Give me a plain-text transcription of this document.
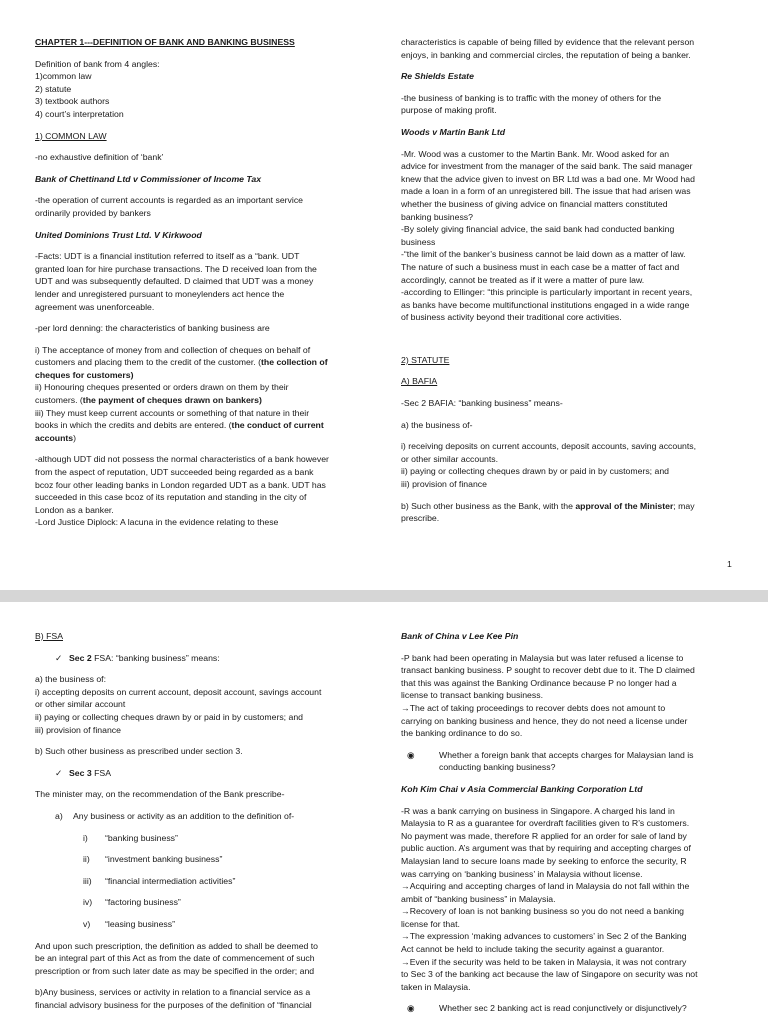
CHAPTER 1---DEFINITION OF BANK AND BANKING BUSINESS

Definition of bank from 4 angles:

1)common law

2) statute

3) textbook authors

4) court’s interpretation

1) COMMON LAW

-no exhaustive definition of ‘bank’

Bank of Chettinand Ltd v Commissioner of Income Tax

-the operation of current accounts is regarded as an important service

ordinarily provided by bankers

United Dominions Trust Ltd. V Kirkwood

-Facts: UDT is a financial institution referred to itself as a “bank. UDT

granted loan for hire purchase transactions. The D received loan from the

UDT and was subsequently defaulted. D claimed that UDT was a money

lender and unregistered pursuant to moneylenders act hence the

agreement was unenforceable.

-per lord denning: the characteristics of banking business are

i) The acceptance of money from and collection of cheques on behalf of

customers and placing them to the credit of the customer. (the collection of

cheques for customers)

ii) Honouring cheques presented or orders drawn on them by their

customers. (the payment of cheques drawn on bankers)

iii) They must keep current accounts or something of that nature in their

books in which the credits and debits are entered. (the conduct of current

accounts)

-although UDT did not possess the normal characteristics of a bank however

from the aspect of reputation, UDT succeeded being regarded as a bank

bcoz four other leading banks in London regarded UDT as a bank. UDT has

succeeded in this case bcoz of its reputation and standing in the city of

London as a banker.

-Lord Justice Diplock: A lacuna in the evidence relating to these

characteristics is capable of being filled by evidence that the relevant person

enjoys, in banking and commercial circles, the reputation of being a banker.

Re Shields Estate

-the business of banking is to traffic with the money of others for the

purpose of making profit.

Woods v Martin Bank Ltd

-Mr. Wood was a customer to the Martin Bank. Mr. Wood asked for an

advice for investment from the manager of the said bank. The said manager

knew that the advice given to invest on BR Ltd was a bad one. Mr Wood had

made a loan in a form of an unregistered bill. The issue that had arisen was

whether the business of giving advice on financial matters constituted

banking business?

-By solely giving financial advice, the said bank had conducted banking

business

-“the limit of the banker’s business cannot be laid down as a matter of law.

The nature of such a business must in each case be a matter of fact and

accordingly, cannot be treated as if it were a matter of pure law.

-according to Ellinger: “this principle is particularly important in recent years,

as banks have become multifunctional institutions engaged in a wide range

of business activity beyond their traditional core activities.

2) STATUTE

A) BAFIA

-Sec 2 BAFIA: “banking business” means-

a) the business of-

i) receiving deposits on current accounts, deposit accounts, saving accounts,

or other similar accounts.

ii) paying or collecting cheques drawn by or paid in by customers; and

iii) provision of finance

b) Such other business as the Bank, with the approval of the Minister; may

prescribe.

1

B) FSA

✓ Sec 2 FSA: “banking business” means:

a) the business of:

i) accepting deposits on current account, deposit account, savings account

or other similar account

ii) paying or collecting cheques drawn by or paid in by customers; and

iii) provision of finance

b) Such other business as prescribed under section 3.

✓ Sec 3 FSA

The minister may, on the recommendation of the Bank prescribe-

a) Any business or activity as an addition to the definition of-

i) “banking business”

ii) “investment banking business”

iii) “financial intermediation activities”

iv) “factoring business”

v) “leasing business”

And upon such prescription, the definition as added to shall be deemed to

be an integral part of this Act as from the date of commencement of such

prescription or from such later date as may be specified in the order; and

b)Any business, services or activity in relation to a financial service as a

financial advisory business for the purposes of the definition of “financial

Bank of China v Lee Kee Pin

-P bank had been operating in Malaysia but was later refused a license to

transact banking business. P sought to recover debt due to it. The D claimed

that this was against the Banking Ordinance because P no longer had a

license to transact banking business.

→The act of taking proceedings to recover debts does not amount to

carrying on banking business and hence, they do not need a license under

the banking ordinance to do so.

◉	Whether a foreign bank that accepts charges for Malaysian land is

conducting banking business?

Koh Kim Chai v Asia Commercial Banking Corporation Ltd

-R was a bank carrying on business in Singapore. A charged his land in

Malaysia to R as a guarantee for overdraft facilities given to R’s customers.

No payment was made, therefore R applied for an order for sale of land by

public auction. A’s argument was that by requiring and accepting charges of

Malaysian land to secure loans made by seeking to enforce the security, R

was carrying on ‘banking business’ in Malaysia without license.

→Acquiring and accepting charges of land in Malaysia do not fall within the

ambit of “banking business” in Malaysia.

→Recovery of loan is not banking business so you do not need a banking

license for that.

→The expression ‘making advances to customers’ in Sec 2 of the Banking

Act cannot be held to include taking the security against a guarantor.

→Even if the security was held to be taken in Malaysia, it was not contrary

to Sec 3 of the banking act because the law of Singapore on security was not

taken in Malaysia.

◉	Whether sec 2 banking act is read conjunctively or disjunctively?
